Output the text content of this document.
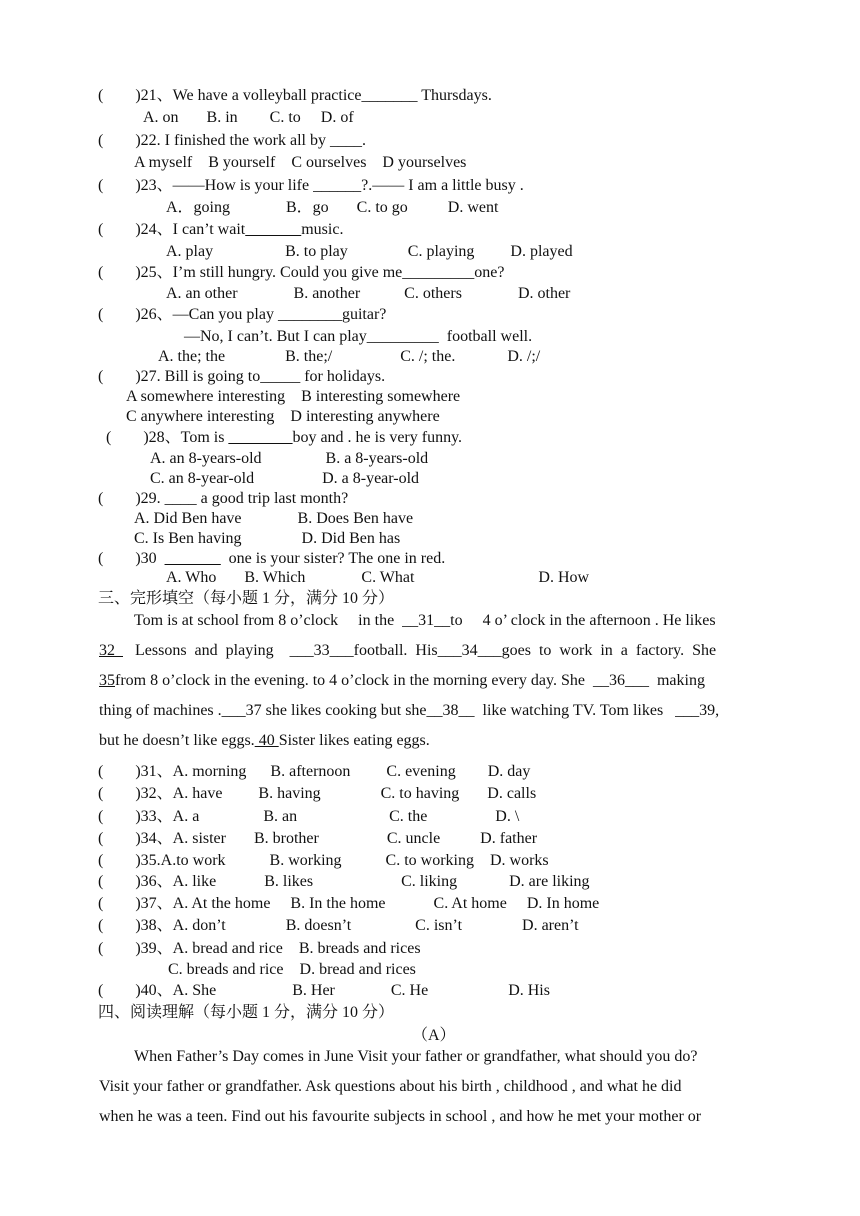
(        )21、We have a volleyball practice_______ Thursdays.
A. on       B. in        C. to     D. of
(        )22. I finished the work all by ____.
A myself    B yourself    C ourselves    D yourselves
(        )23、——How is your life ______?.—— I am a little busy .
A．going              B．go       C. to go          D. went
(        )24、I can’t wait	music.
A. play                  B. to play               C. playing         D. played
(        )25、I’m still hungry. Could you give me_________one?
A. an other              B. another           C. others              D. other
(        )26、―Can you play ________guitar?
―No, I can’t. But I can play_________  football well.
A. the; the               B. the;/                 C. /; the.             D. /;/
(        )27. Bill is going to_____ for holidays.
A somewhere interesting    B interesting somewhere
C anywhere interesting    D interesting anywhere
(        )28、Tom is ________boy and . he is very funny.
A. an 8-years-old                B. a 8-years-old
C. an 8-year-old                 D. a 8-year-old
(        )29. ____ a good trip last month?
A. Did Ben have              B. Does Ben have
C. Is Ben having               D. Did Ben has
(        )30  _______  one is your sister? The one in red.
A. Who       B. Which              C. What                               D. How
三、完形填空（每小题 1 分，满分 10 分）
Tom is at school from 8 o’clock     in the  __31__to     4 o’ clock in the afternoon . He likes
32     Lessons  and  playing    ___33___football.  His___34___goes  to  work  in  a  factory.  She
35from 8 o’clock in the evening. to 4 o’clock in the morning every day. She  __36___  making
thing of machines .___37 she likes cooking but she__38__  like watching TV. Tom likes   ___39,
but he doesn’t like eggs. 40 Sister likes eating eggs.
(        )31、A. morning      B. afternoon         C. evening        D. day
(        )32、A. have         B. having               C. to having       D. calls
(        )33、A. a                B. an                       C. the                 D. \
(        )34、A. sister       B. brother                 C. uncle          D. father
(        )35.A.to work           B. working           C. to working    D. works
(        )36、A. like            B. likes                      C. liking             D. are liking
(        )37、A. At the home     B. In the home            C. At home     D. In home
(        )38、A. don’t               B. doesn’t                C. isn’t               D. aren’t
(        )39、A. bread and rice    B. breads and rices
C. breads and rice    D. bread and rices
(        )40、A. She                   B. Her              C. He                    D. His
四、阅读理解（每小题 1 分，满分 10 分）
（A）
When Father’s Day comes in June Visit your father or grandfather, what should you do?
Visit your father or grandfather. Ask questions about his birth , childhood , and what he did
when he was a teen. Find out his favourite subjects in school , and how he met your mother or
